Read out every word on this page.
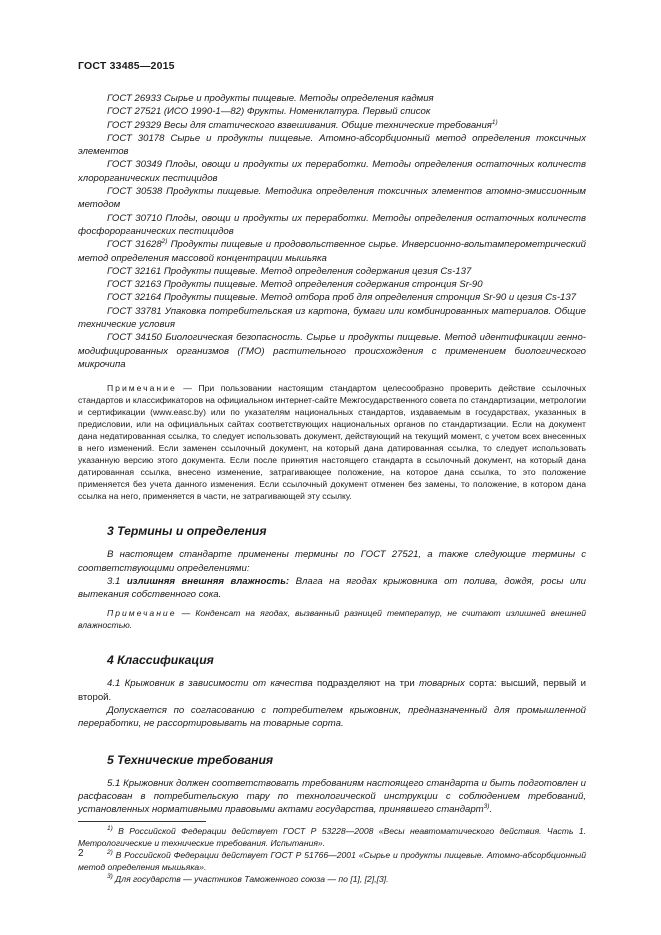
ГОСТ 33485—2015

ГОСТ 26933 Сырье и продукты пищевые. Методы определения кадмия

ГОСТ 27521 (ИСО 1990-1—82) Фрукты. Номенклатура. Первый список

ГОСТ 29329 Весы для статического взвешивания. Общие технические требования$^{1)}$

ГОСТ 30178 Сырье и продукты пищевые. Атомно-абсорбционный метод определения токсичных элементов

ГОСТ 30349 Плоды, овощи и продукты их переработки. Методы определения остаточных количеств хлорорганических пестицидов

ГОСТ 30538 Продукты пищевые. Методика определения токсичных элементов атомно-эмиссионным методом

ГОСТ 30710 Плоды, овощи и продукты их переработки. Методы определения остаточных количеств фосфорорганических пестицидов

ГОСТ 31628$^{2)}$ Продукты пищевые и продовольственное сырье. Инверсионно-вольтамперометрический метод определения массовой концентрации мышьяка

ГОСТ 32161 Продукты пищевые. Метод определения содержания цезия Cs-137

ГОСТ 32163 Продукты пищевые. Метод определения содержания стронция Sr-90

ГОСТ 32164 Продукты пищевые. Метод отбора проб для определения стронция Sr-90 и цезия Cs-137

ГОСТ 33781 Упаковка потребительская из картона, бумаги или комбинированных материалов. Общие технические условия

ГОСТ 34150 Биологическая безопасность. Сырье и продукты пищевые. Метод идентификации генно-модифицированных организмов (ГМО) растительного происхождения с применением биологического микрочипа

Примечание — При пользовании настоящим стандартом целесообразно проверить действие ссылочных стандартов и классификаторов на официальном интернет-сайте Межгосударственного совета по стандартизации, метрологии и сертификации (www.easc.by) или по указателям национальных стандартов, издаваемым в государствах, указанных в предисловии, или на официальных сайтах соответствующих национальных органов по стандартизации. Если на документ дана недатированная ссылка, то следует использовать документ, действующий на текущий момент, с учетом всех внесенных в него изменений. Если заменен ссылочный документ, на который дана датированная ссылка, то следует использовать указанную версию этого документа. Если после принятия настоящего стандарта в ссылочный документ, на который дана датированная ссылка, внесено изменение, затрагивающее положение, на которое дана ссылка, то это положение применяется без учета данного изменения. Если ссылочный документ отменен без замены, то положение, в котором дана ссылка на него, применяется в части, не затрагивающей эту ссылку.

3 Термины и определения

В настоящем стандарте применены термины по ГОСТ 27521, а также следующие термины с соответствующими определениями:

3.1 излишняя внешняя влажность: Влага на ягодах крыжовника от полива, дождя, росы или вытекания собственного сока.

Примечание — Конденсат на ягодах, вызванный разницей температур, не считают излишней внешней влажностью.

4 Классификация

4.1 Крыжовник в зависимости от качества подразделяют на три товарных сорта: высший, первый и второй.

Допускается по согласованию с потребителем крыжовник, предназначенный для промышленной переработки, не рассортировывать на товарные сорта.

5 Технические требования

5.1 Крыжовник должен соответствовать требованиям настоящего стандарта и быть подготовлен и расфасован в потребительскую тару по технологической инструкции с соблюдением требований, установленных нормативными правовыми актами государства, принявшего стандарт$^{3)}$.

$^{1)}$ В Российской Федерации действует ГОСТ Р 53228—2008 «Весы неавтоматического действия. Часть 1. Метрологические и технические требования. Испытания».

$^{2)}$ В Российской Федерации действует ГОСТ Р 51766—2001 «Сырье и продукты пищевые. Атомно-абсорбционный метод определения мышьяка».

$^{3)}$ Для государств — участников Таможенного союза — по [1], [2],[3].

2
